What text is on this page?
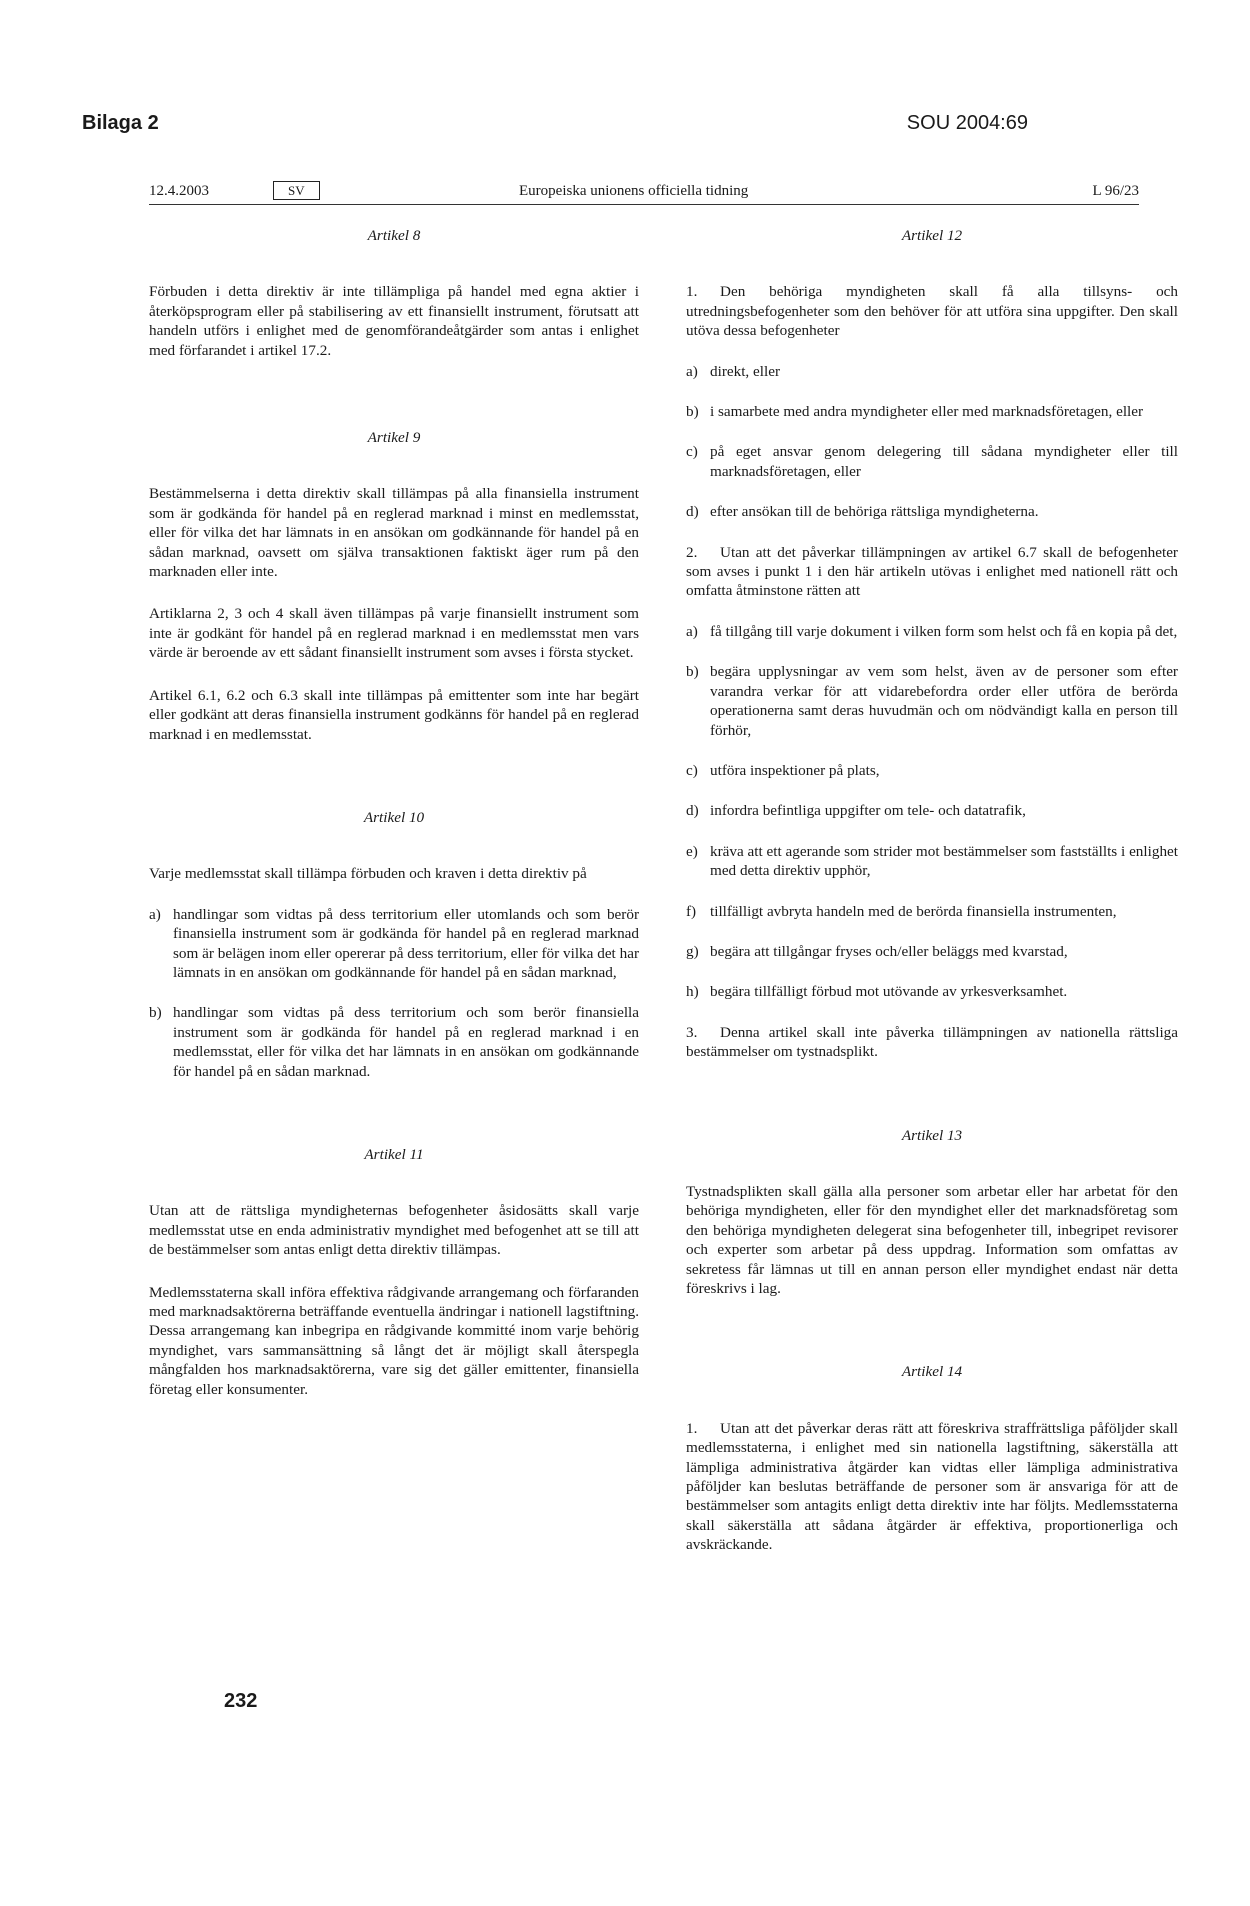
Bilaga 2	SOU 2004:69
12.4.2003	SV	Europeiska unionens officiella tidning	L 96/23
Artikel 8
Förbuden i detta direktiv är inte tillämpliga på handel med egna aktier i återköpsprogram eller på stabilisering av ett finansiellt instrument, förutsatt att handeln utförs i enlighet med de genomförandeåtgärder som antas i enlighet med förfarandet i artikel 17.2.
Artikel 9
Bestämmelserna i detta direktiv skall tillämpas på alla finansiella instrument som är godkända för handel på en reglerad marknad i minst en medlemsstat, eller för vilka det har lämnats in en ansökan om godkännande för handel på en sådan marknad, oavsett om själva transaktionen faktiskt äger rum på den marknaden eller inte.
Artiklarna 2, 3 och 4 skall även tillämpas på varje finansiellt instrument som inte är godkänt för handel på en reglerad marknad i en medlemsstat men vars värde är beroende av ett sådant finansiellt instrument som avses i första stycket.
Artikel 6.1, 6.2 och 6.3 skall inte tillämpas på emittenter som inte har begärt eller godkänt att deras finansiella instrument godkänns för handel på en reglerad marknad i en medlemsstat.
Artikel 10
Varje medlemsstat skall tillämpa förbuden och kraven i detta direktiv på
a) handlingar som vidtas på dess territorium eller utomlands och som berör finansiella instrument som är godkända för handel på en reglerad marknad som är belägen inom eller opererar på dess territorium, eller för vilka det har lämnats in en ansökan om godkännande för handel på en sådan marknad,
b) handlingar som vidtas på dess territorium och som berör finansiella instrument som är godkända för handel på en reglerad marknad i en medlemsstat, eller för vilka det har lämnats in en ansökan om godkännande för handel på en sådan marknad.
Artikel 11
Utan att de rättsliga myndigheternas befogenheter åsidosätts skall varje medlemsstat utse en enda administrativ myndighet med befogenhet att se till att de bestämmelser som antas enligt detta direktiv tillämpas.
Medlemsstaterna skall införa effektiva rådgivande arrangemang och förfaranden med marknadsaktörerna beträffande eventuella ändringar i nationell lagstiftning. Dessa arrangemang kan inbegripa en rådgivande kommitté inom varje behörig myndighet, vars sammansättning så långt det är möjligt skall återspegla mångfalden hos marknadsaktörerna, vare sig det gäller emittenter, finansiella företag eller konsumenter.
Artikel 12
1. Den behöriga myndigheten skall få alla tillsyns- och utredningsbefogenheter som den behöver för att utföra sina uppgifter. Den skall utöva dessa befogenheter
a) direkt, eller
b) i samarbete med andra myndigheter eller med marknadsföretagen, eller
c) på eget ansvar genom delegering till sådana myndigheter eller till marknadsföretagen, eller
d) efter ansökan till de behöriga rättsliga myndigheterna.
2. Utan att det påverkar tillämpningen av artikel 6.7 skall de befogenheter som avses i punkt 1 i den här artikeln utövas i enlighet med nationell rätt och omfatta åtminstone rätten att
a) få tillgång till varje dokument i vilken form som helst och få en kopia på det,
b) begära upplysningar av vem som helst, även av de personer som efter varandra verkar för att vidarebefordra order eller utföra de berörda operationerna samt deras huvudmän och om nödvändigt kalla en person till förhör,
c) utföra inspektioner på plats,
d) infordra befintliga uppgifter om tele- och datatrafik,
e) kräva att ett agerande som strider mot bestämmelser som fastställts i enlighet med detta direktiv upphör,
f) tillfälligt avbryta handeln med de berörda finansiella instrumenten,
g) begära att tillgångar fryses och/eller beläggs med kvarstad,
h) begära tillfälligt förbud mot utövande av yrkesverksamhet.
3. Denna artikel skall inte påverka tillämpningen av nationella rättsliga bestämmelser om tystnadsplikt.
Artikel 13
Tystnadsplikten skall gälla alla personer som arbetar eller har arbetat för den behöriga myndigheten, eller för den myndighet eller det marknadsföretag som den behöriga myndigheten delegerat sina befogenheter till, inbegripet revisorer och experter som arbetar på dess uppdrag. Information som omfattas av sekretess får lämnas ut till en annan person eller myndighet endast när detta föreskrivs i lag.
Artikel 14
1. Utan att det påverkar deras rätt att föreskriva straffrättsliga påföljder skall medlemsstaterna, i enlighet med sin nationella lagstiftning, säkerställa att lämpliga administrativa åtgärder kan vidtas eller lämpliga administrativa påföljder kan beslutas beträffande de personer som är ansvariga för att de bestämmelser som antagits enligt detta direktiv inte har följts. Medlemsstaterna skall säkerställa att sådana åtgärder är effektiva, proportionerliga och avskräckande.
232
